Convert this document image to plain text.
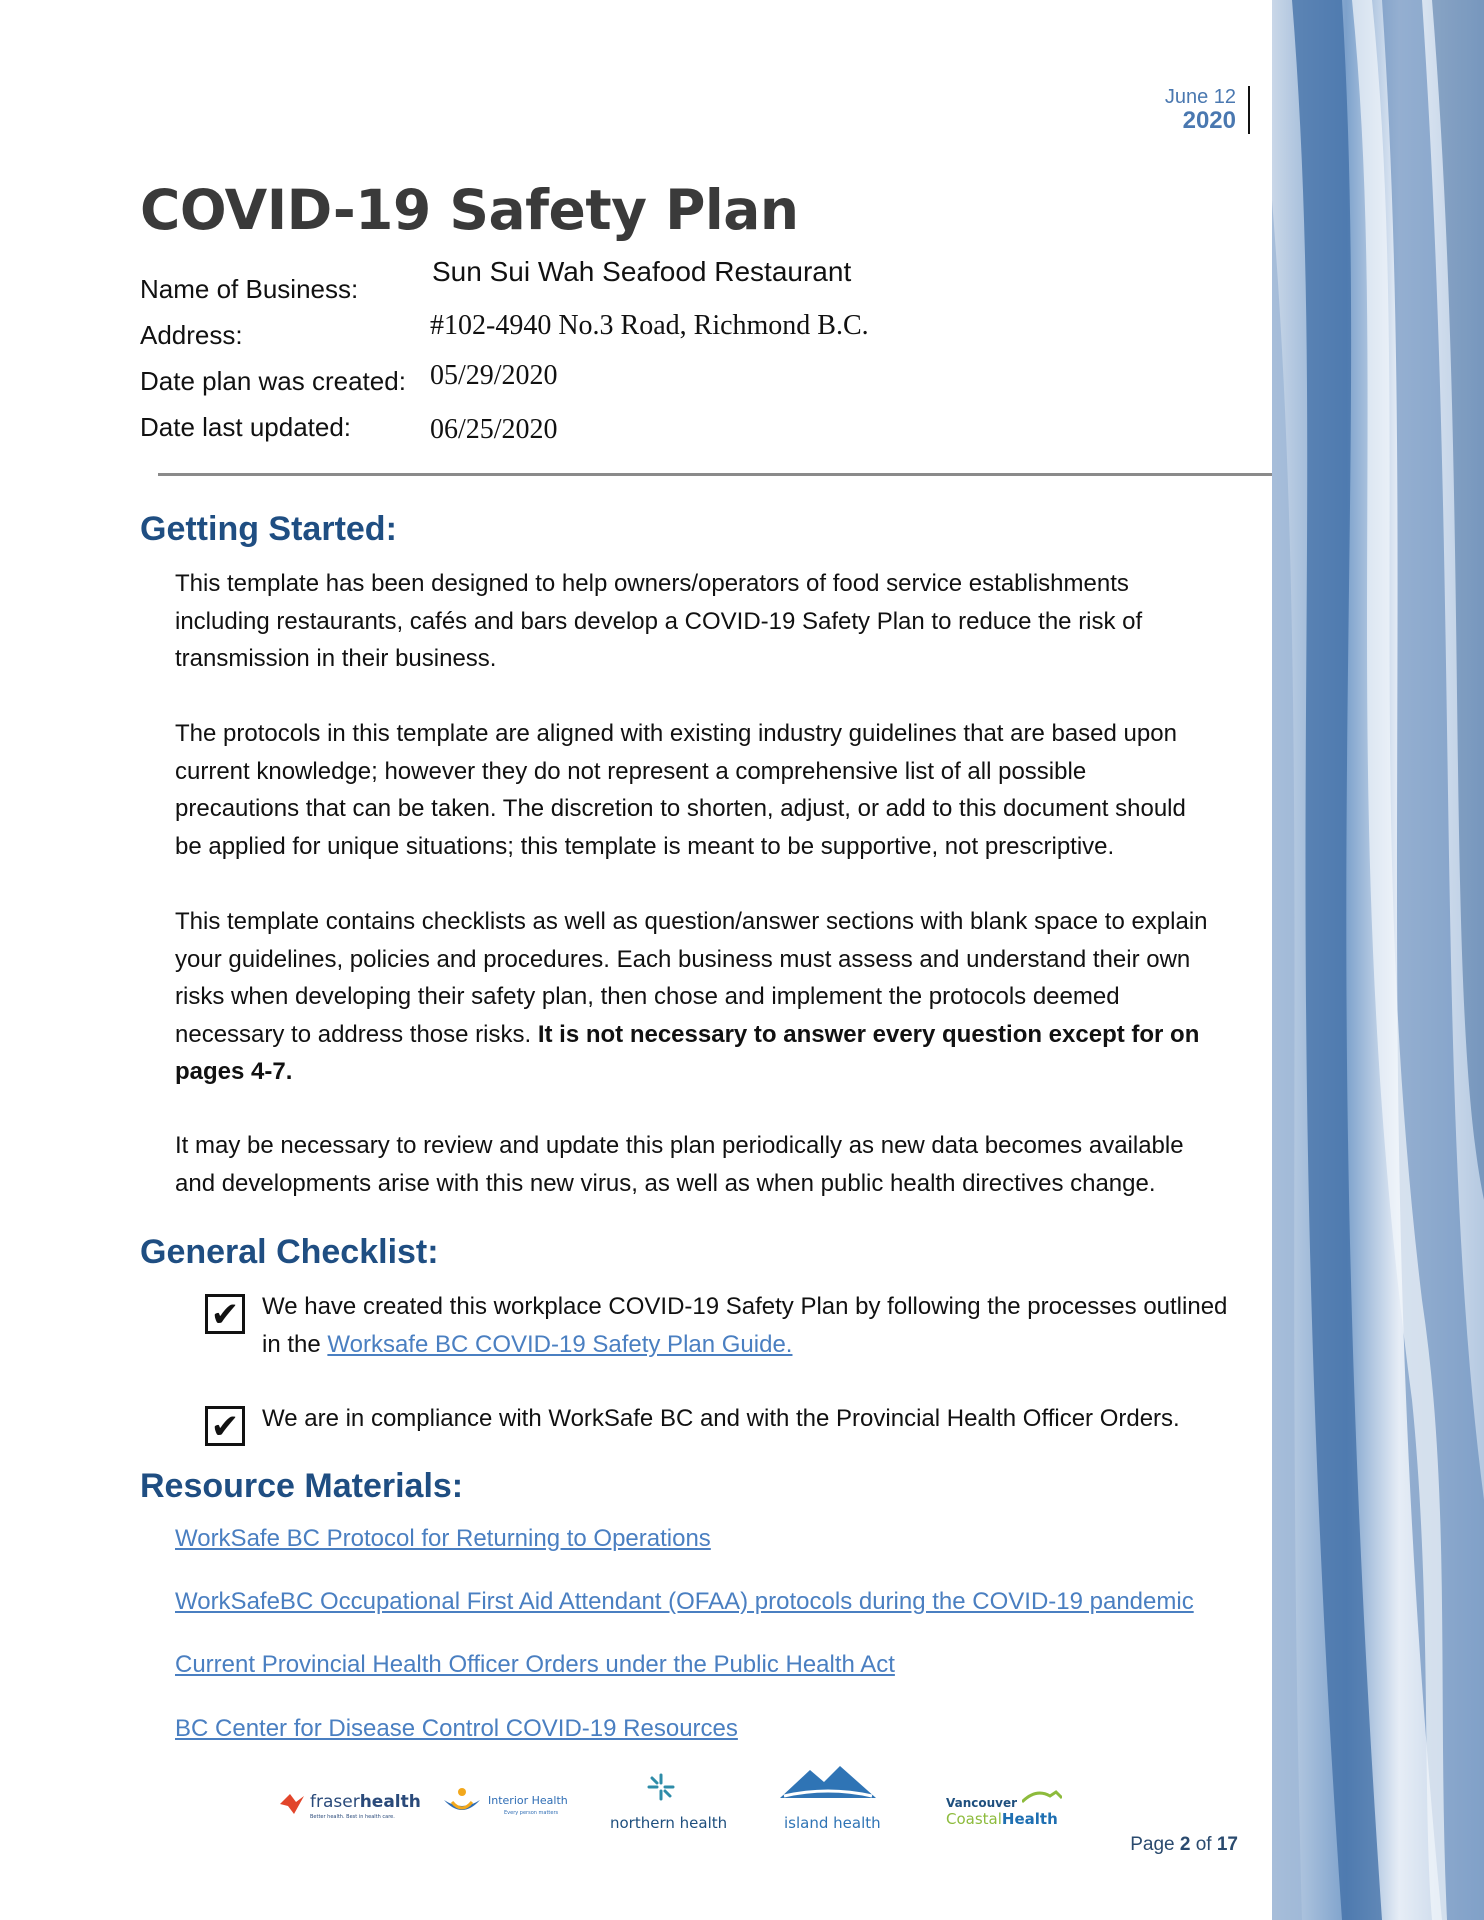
June 12
2020
COVID-19 Safety Plan
Name of Business:
Sun Sui Wah Seafood Restaurant
Address:	#102-4940 No.3 Road, Richmond B.C.
Date plan was created: 05/29/2020
Date last updated:	06/25/2020
Getting Started:
This template has been designed to help owners/operators of food service establishments
including restaurants, cafés and bars develop a COVID-19 Safety Plan to reduce the risk of
transmission in their business.
The protocols in this template are aligned with existing industry guidelines that are based upon
current knowledge; however they do not represent a comprehensive list of all possible
precautions that can be taken. The discretion to shorten, adjust, or add to this document should
be applied for unique situations; this template is meant to be supportive, not prescriptive.
This template contains checklists as well as question/answer sections with blank space to explain
your guidelines, policies and procedures. Each business must assess and understand their own
risks when developing their safety plan, then chose and implement the protocols deemed
necessary to address those risks. It is not necessary to answer every question except for on
pages 4-7.
It may be necessary to review and update this plan periodically as new data becomes available
and developments arise with this new virus, as well as when public health directives change.
General Checklist:
✔ We have created this workplace COVID-19 Safety Plan by following the processes outlined
in the Worksafe BC COVID-19 Safety Plan Guide.
✔ We are in compliance with WorkSafe BC and with the Provincial Health Officer Orders.
Resource Materials:
WorkSafe BC Protocol for Returning to Operations
WorkSafeBC Occupational First Aid Attendant (OFAA) protocols during the COVID-19 pandemic
Current Provincial Health Officer Orders under the Public Health Act
BC Center for Disease Control COVID-19 Resources
fraserhealth
Better health. Best in health care.
Interior Health
Every person matters
northern health	island health
Vancouver
CoastalHealth
Page 2 of 17
